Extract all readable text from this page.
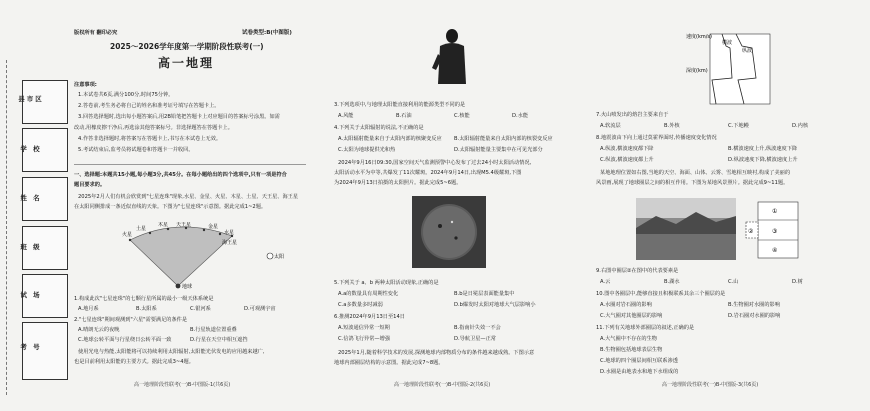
县市区
学 校
姓 名
班 级
试 场
考 号
版权所有 翻印必究	试卷类型:B(中图版)
2025～2026学年度第一学期阶段性联考(一)
高一地理
注意事项:
1.本试卷共6页,满分100分,时间75分钟。
2.答卷前,考生务必将自己的姓名和准考证号填写在答题卡上。
3.回答选择题时,选出每小题答案后,用2B铅笔把答题卡上对应题目的答案标号涂黑。如需
改动,用橡皮擦干净后,再选涂其他答案标号。非选择题答在答题卡上。
4.作答非选择题时,将答案写在答题卡上,书写在本试卷上无效。
5.考试结束后,监考员将试题卷和答题卡一并收回。
一、选择题:本题共15小题,每小题3分,共45分。在每小题给出的四个选项中,只有一项是符合
题目要求的。
2025年2月人们有机会欣赏到"七星连珠"现象,水星、金星、火星、木星、土星、天王星、海王星
在太阳同侧排成一条近似直线的天象。下图为"七星连珠"示意图。据此完成1~2题。
火星
木星 天王星	金星
水星
海王星
太阳
地球
土星
1.构成此次"七星连珠"的七颗行星所属的最小一级天体系统是
A.地月系	B.太阳系	C.银河系	D.可观测宇宙
2."七星连珠"期间观测到"六星"需要满足的条件是
A.晴朗无云的夜晚	B.行星轨道位置重叠
C.地球公转平面与行星绕日公转平面一致	D.行星在天空中相互遮挡
使用光电与热能,太阳能将可以持续利用太阳辐射,太阳能光伏发电的应用越来越广,
也是目前利用太阳能的主要方式。据此完成3~4题。
高一地理阶段性联考(一)B-中图版-1(共6页)
3.下列选项中,与地理太阳能直接利用的能源类型不同的是
A.风能	B.石油	C.核能	D.水能
4.下列关于太阳辐射的说法,不正确的是
A.太阳辐射能量来自于太阳内部的核聚变反应 B.太阳辐射能量来自太阳内部的核裂变反应
C.太阳为地球提供光和热	D.太阳辐射能量主要集中在可见光部分
2024年9月16日09:30,国家空间天气监测预警中心发布了过去24小时太阳活动情况,
太阳活动水平为中等,共爆发了11次耀斑。2024年9月14日,出现M5.4级耀斑,下图
为2024年9月13日拍摄的太阳照片。据此完成5~6题。
5.下列关于 a、b 两种太阳活动现象,正确的是
A.a的数量具有周期性变化	B.b是日冕层表面能量集中
C.a多数量多时减弱	D.b爆发时太阳对地球大气层影响小
6.推测2024年9月13日至14日
A.短波通信异常一短期	B.指南针失效一不会
C.信鸽飞行异常—增强	D.导航卫星—正常
2025年1月,随着科学技术的发展,探测地球内部物质分布的条件越来越成熟。下图示意
地球内部圈层结构的示意图。据此完成7~8题。
高一地理阶段性联考(一)B-中图版-2(共6页)
速度(km/s)
横波
纵波
深度(km)
7.火山喷发出的熔岩主要来自于
A.软流层	B.外核	C.下地幔	D.内核
8.地震波由下向上通过莫霍界面时,传播速度变化情况
A.纵波,横波速度都下降	B.横波速度上升,纵波速度下降
C.纵波,横波速度都上升	D.纵波速度下降,横波速度上升
某地地理位置如右图,当地的天空、海面、山体、云雾、雪地相互映衬,构成了美丽的
风景画,展现了地球圈层之间的相互作用。下图为某地风景照片。据此完成9~11题。
①
②	③
④
9.右图中圈层②在图中的代表要素是
A.云	B.湖水	C.山	D.树
10.图中各圈层中,能够直接且积极联系其余三个圈层的是
A.水圈对岩石圈的影响	B.生物圈对水圈的影响
C.大气圈对其他圈层的影响	D.岩石圈对水圈的影响
11.下列有关地球外部圈层的叙述,正确的是
A.大气圈中不存在的生物
B.生物圈包括地球表层生物
C.地球的四个圈层间相互联系渗透
D.水圈是由地表水和地下水组成的
高一地理阶段性联考(一)B-中图版-3(共6页)
